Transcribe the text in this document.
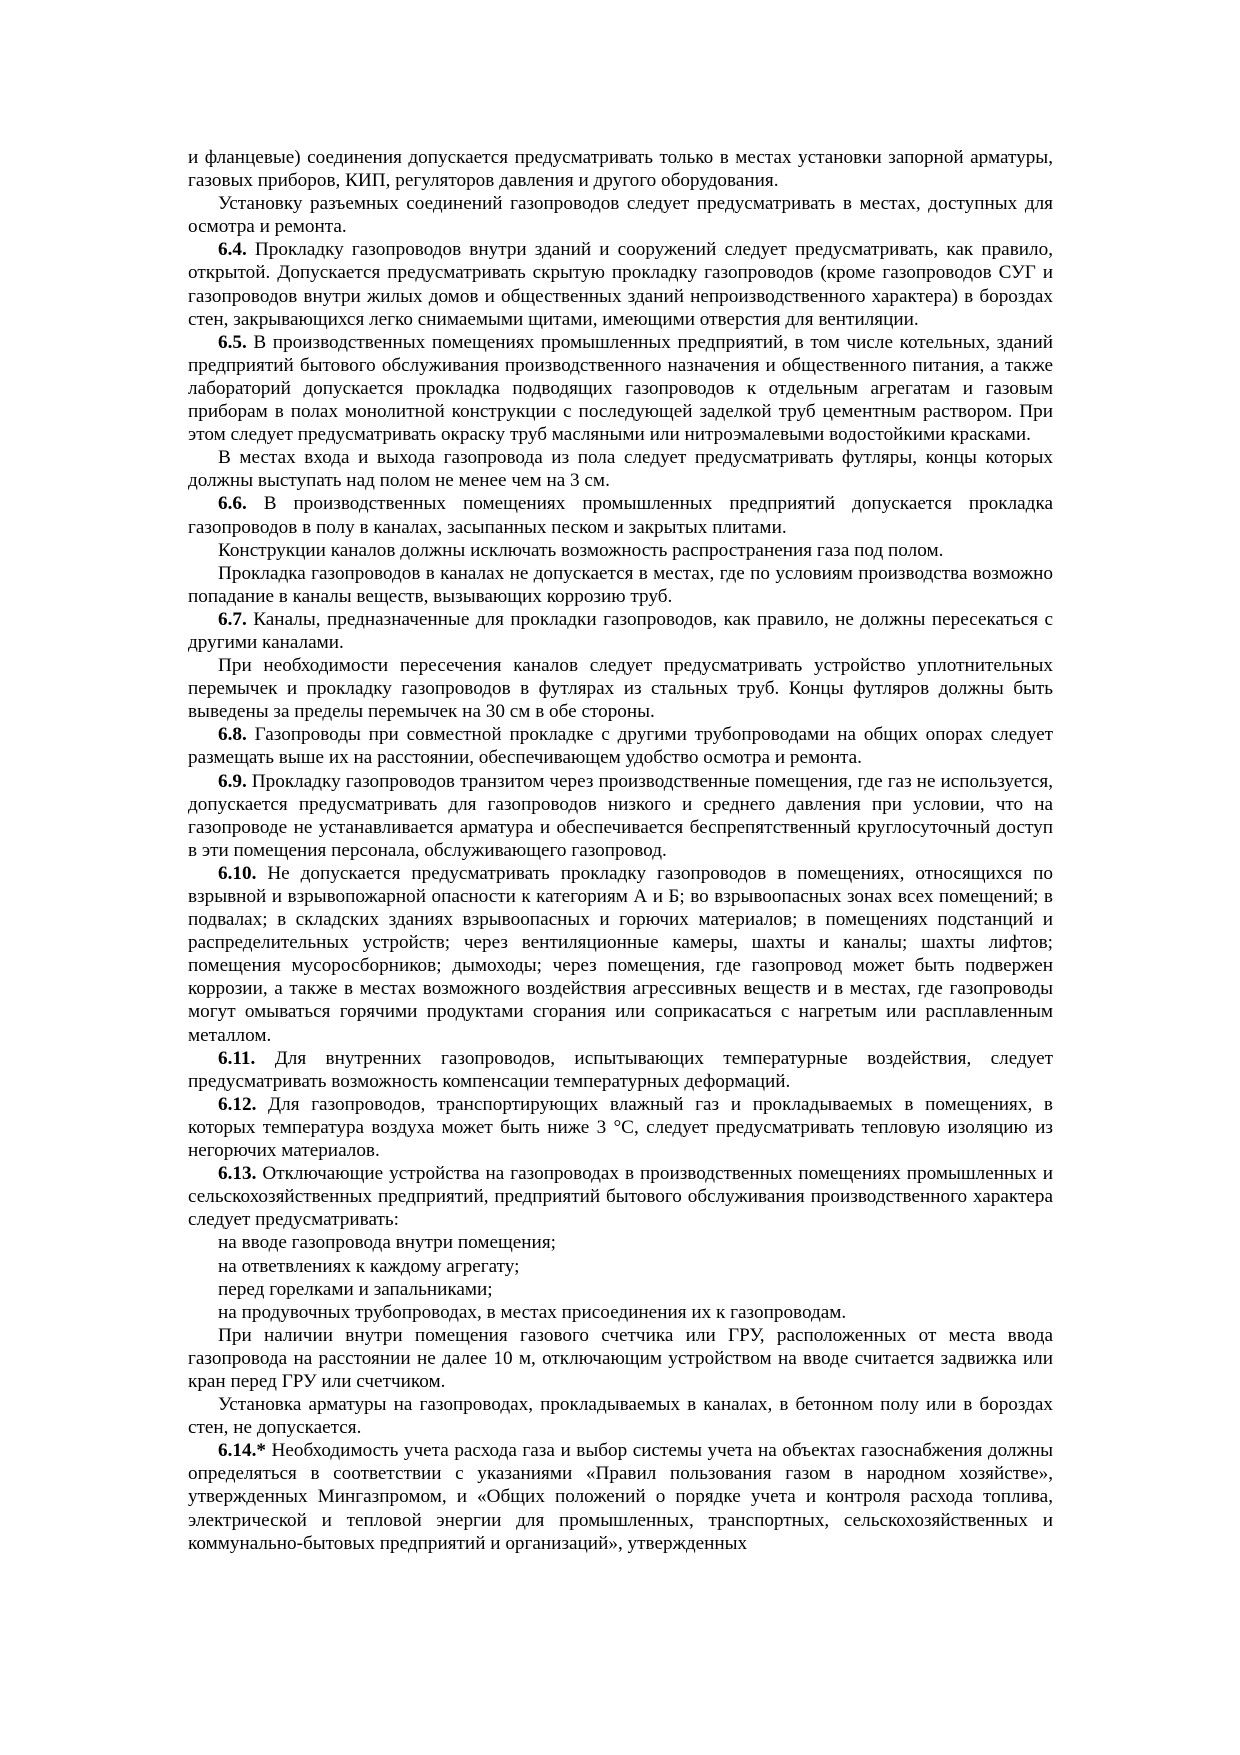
и фланцевые) соединения допускается предусматривать только в местах установки запорной арматуры, газовых приборов, КИП, регуляторов давления и другого оборудования.

Установку разъемных соединений газопроводов следует предусматривать в местах, доступных для осмотра и ремонта.

6.4. Прокладку газопроводов внутри зданий и сооружений следует предусматривать, как правило, открытой. Допускается предусматривать скрытую прокладку газопроводов (кроме газопроводов СУГ и газопроводов внутри жилых домов и общественных зданий непроизводственного характера) в бороздах стен, закрывающихся легко снимаемыми щитами, имеющими отверстия для вентиляции.

6.5. В производственных помещениях промышленных предприятий, в том числе котельных, зданий предприятий бытового обслуживания производственного назначения и общественного питания, а также лабораторий допускается прокладка подводящих газопроводов к отдельным агрегатам и газовым приборам в полах монолитной конструкции с последующей заделкой труб цементным раствором. При этом следует предусматривать окраску труб масляными или нитроэмалевыми водостойкими красками.

В местах входа и выхода газопровода из пола следует предусматривать футляры, концы которых должны выступать над полом не менее чем на 3 см.

6.6. В производственных помещениях промышленных предприятий допускается прокладка газопроводов в полу в каналах, засыпанных песком и закрытых плитами.

Конструкции каналов должны исключать возможность распространения газа под полом.

Прокладка газопроводов в каналах не допускается в местах, где по условиям производства возможно попадание в каналы веществ, вызывающих коррозию труб.

6.7. Каналы, предназначенные для прокладки газопроводов, как правило, не должны пересекаться с другими каналами.

При необходимости пересечения каналов следует предусматривать устройство уплотнительных перемычек и прокладку газопроводов в футлярах из стальных труб. Концы футляров должны быть выведены за пределы перемычек на 30 см в обе стороны.

6.8. Газопроводы при совместной прокладке с другими трубопроводами на общих опорах следует размещать выше их на расстоянии, обеспечивающем удобство осмотра и ремонта.

6.9. Прокладку газопроводов транзитом через производственные помещения, где газ не используется, допускается предусматривать для газопроводов низкого и среднего давления при условии, что на газопроводе не устанавливается арматура и обеспечивается беспрепятственный круглосуточный доступ в эти помещения персонала, обслуживающего газопровод.

6.10. Не допускается предусматривать прокладку газопроводов в помещениях, относящихся по взрывной и взрывопожарной опасности к категориям А и Б; во взрывоопасных зонах всех помещений; в подвалах; в складских зданиях взрывоопасных и горючих материалов; в помещениях подстанций и распределительных устройств; через вентиляционные камеры, шахты и каналы; шахты лифтов; помещения мусоросборников; дымоходы; через помещения, где газопровод может быть подвержен коррозии, а также в местах возможного воздействия агрессивных веществ и в местах, где газопроводы могут омываться горячими продуктами сгорания или соприкасаться с нагретым или расплавленным металлом.

6.11. Для внутренних газопроводов, испытывающих температурные воздействия, следует предусматривать возможность компенсации температурных деформаций.

6.12. Для газопроводов, транспортирующих влажный газ и прокладываемых в помещениях, в которых температура воздуха может быть ниже 3 °С, следует предусматривать тепловую изоляцию из негорючих материалов.

6.13. Отключающие устройства на газопроводах в производственных помещениях промышленных и сельскохозяйственных предприятий, предприятий бытового обслуживания производственного характера следует предусматривать:

на вводе газопровода внутри помещения;

на ответвлениях к каждому агрегату;

перед горелками и запальниками;

на продувочных трубопроводах, в местах присоединения их к газопроводам.

При наличии внутри помещения газового счетчика или ГРУ, расположенных от места ввода газопровода на расстоянии не далее 10 м, отключающим устройством на вводе считается задвижка или кран перед ГРУ или счетчиком.

Установка арматуры на газопроводах, прокладываемых в каналах, в бетонном полу или в бороздах стен, не допускается.

6.14.* Необходимость учета расхода газа и выбор системы учета на объектах газоснабжения должны определяться в соответствии с указаниями «Правил пользования газом в народном хозяйстве», утвержденных Мингазпромом, и «Общих положений о порядке учета и контроля расхода топлива, электрической и тепловой энергии для промышленных, транспортных, сельскохозяйственных и коммунально-бытовых предприятий и организаций», утвержденных
